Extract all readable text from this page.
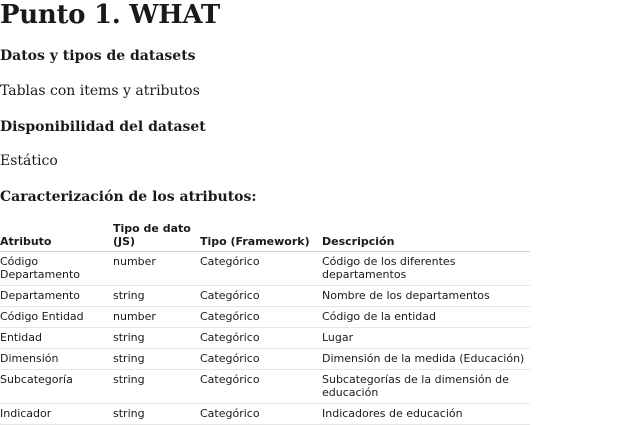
Punto 1. WHAT
Datos y tipos de datasets

Tablas con items y atributos

Disponibilidad del dataset

Estático

Caracterización de los atributos:
Atributo	Tipo de dato (JS)	Tipo (Framework)	Descripción
Código Departamento	number	Categórico	Código de los diferentes departamentos
Departamento	string	Categórico	Nombre de los departamentos
Código Entidad	number	Categórico	Código de la entidad
Entidad	string	Categórico	Lugar
Dimensión	string	Categórico	Dimensión de la medida (Educación)
Subcategoría	string	Categórico	Subcategorías de la dimensión de educación
Indicador	string	Categórico	Indicadores de educación
